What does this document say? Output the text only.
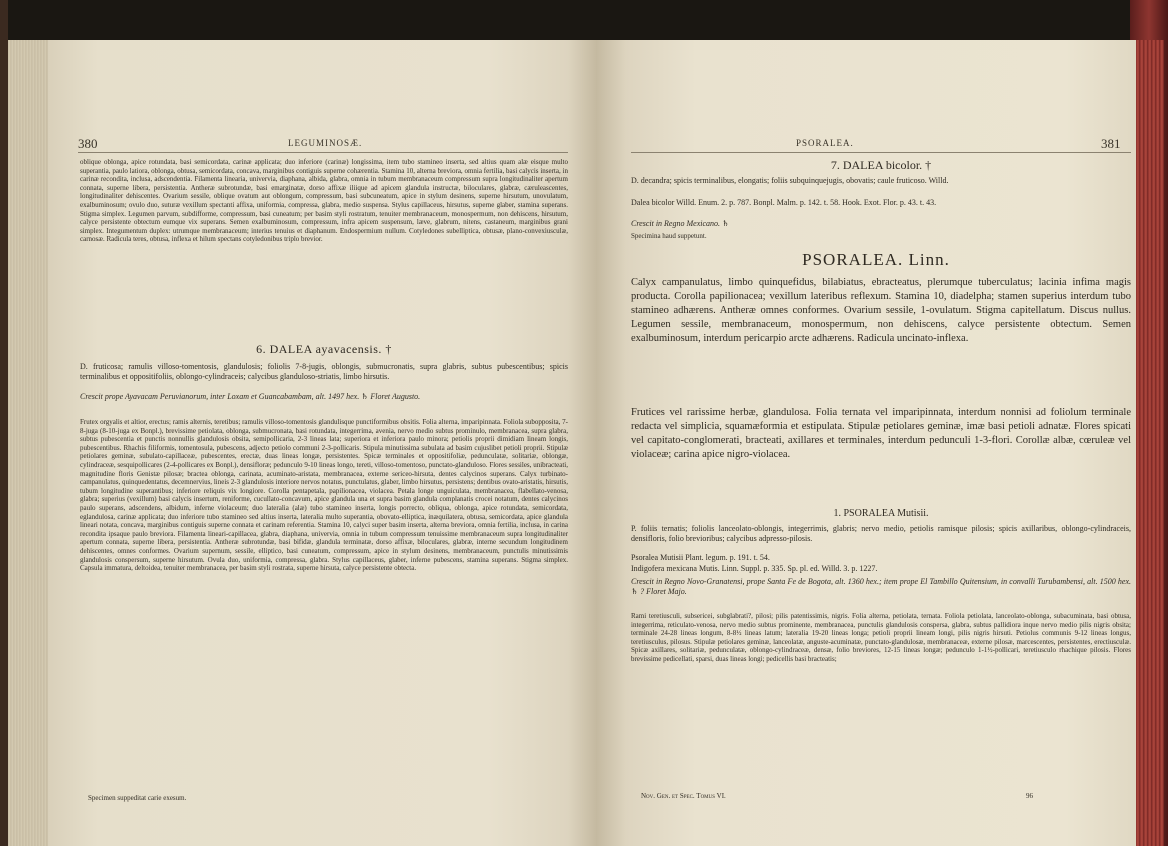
380	LEGUMINOSÆ.
oblique oblonga, apice rotundata, basi semicordata, carinæ applicata; duo inferiore (carinæ) longissima, item tubo stamineo inserta, sed altius quam alæ eisque multo superantia, paulo latiora, oblonga, obtusa, semicordata, concava, marginibus contiguis superne cohærentia. Stamina 10, alterna breviora, omnia fertilia, basi calycis inserta, in carinæ recondita, inclusa, adscendentia. Filamenta linearia, univervia, diaphana, albida, glabra, omnia in tubum membranaceum compressum supra longitudinaliter apertum connata, superne libera, persistentia. Antheræ subrotundæ, basi emarginatæ, dorso affixæ iliique ad apicem glandula instructæ, biloculares, glabræ, cæruleascentes, longitudinaliter dehiscentes. Ovarium sessile, oblique ovatum aut oblongum, compressum, basi subcuneatum, apice in stylum desinens, superne hirsutum, unovulatum, exalbuminosum; ovulo duo, suturæ vexillum spectanti affixa, uniformia, compressa, glabra, medio suspensa. Stylus capillaceus, hirsutus, superne glaber, stamina superans. Stigma simplex. Legumen parvum, subdifforme, compressum, basi cuneatum; per basim styli rostratum, tenuiter membranaceum, monospermum, non dehiscens, hirsutum, calyce persistente obtectum eumque vix superans. Semen exalbuminosum, compressum, infra apicem suspensum, læve, glabrum, nitens, castaneum, marginibus grani simplex. Integumentum duplex: utrumque membranaceum; interius tenuius et diaphanum. Endospermium nullum. Cotyledones subelliptica, obtusæ, plano-convexiusculæ, carnosæ. Radicula teres, obtusa, inflexa et hilum spectans cotyledonibus triplo brevior.
6. DALEA ayavacensis. †
D. fruticosa; ramulis villoso-tomentosis, glandulosis; foliolis 7-8-jugis, oblongis, submucronatis, supra glabris, subtus pubescentibus; spicis terminalibus et oppositifoliis, oblongo-cylindraceis; calycibus glanduloso-striatis, limbo hirsutis.
Crescit prope Ayavacam Peruvianorum, inter Loxam et Guancabambam, alt. 1497 hex. ♄ Floret Augusto.
Frutex orgyalis et altior, erectus; ramis alternis, teretibus; ramulis villoso-tomentosis glandulisque punctiformibus obsitis. Folia alterna, imparipinnata. Foliola subopposita, 7-8-juga (8-10-juga ex Bonpl.), brevissime petiolata, oblonga, submucronata, basi rotundata, integerrima, avenia, nervo medio subtus prominulo, membranacea, supra glabra, subtus pubescentia et punctis nonnullis glandulosis obsita, semipollicaria, 2-3 lineas lata; superiora et inferiora paulo minora; petiolis proprii dimidiam lineam longis, pubescentibus. Rhachis filiformis, tomentosula, pubescens, adjecto petiolo communi 2-3-pollicaris. Stipula minutissima subulata ad basim cujuslibet petioli proprii. Stipulæ petiolares geminæ, subulato-capillaceæ, pubescentes, erectæ, duas lineas longæ, persistentes. Spicæ terminales et oppositifoliæ, pedunculatæ, solitariæ, oblongæ, cylindraceæ, sesquipollicares (2-4-pollicares ex Bonpl.), densifloræ; pedunculo 9-10 lineas longo, tereti, villoso-tomentoso, punctato-glanduloso. Flores sessiles, unibracteati, magnitudine floris Genistæ pilosæ; bractea oblonga, carinata, acuminato-aristata, membranacea, externe sericeo-hirsuta, dentes calycinos superans. Calyx turbinato-campanulatus, quinquedentatus, decemnervius, lineis 2-3 glandulosis interiore nervos notatus, punctulatus, glaber, limbo hirsutus, persistens; dentibus ovato-aristatis, hirsutis, tubum longitudine superantibus; inferiore reliquis vix longiore. Corolla pentapetala, papilionacea, violacea. Petala longe unguiculata, membranacea, flabellato-venosa, glabra; superius (vexillum) basi calycis insertum, reniforme, cucullato-concavum, apice glandula una et supra basim glandula complanatis crocei notatum, dentes calycinos paulo superans, adscendens, albidum, inferne violaceum; duo lateralia (alæ) tubo stamineo inserta, longis porrecto, obliqua, oblonga, apice rotundata, semicordata, eglandulosa, carinæ applicata; duo inferiore tubo stamineo sed altius inserta, lateralia multo superantia, obovato-elliptica, inæquilatera, obtusa, semicordata, apice glandula lineari notata, concava, marginibus contiguis superne connata et carinam referentia. Stamina 10, calyci super basim inserta, alterna breviora, omnia fertilia, inclusa, in carina recondita ipsaque paulo breviora. Filamenta lineari-capillacea, glabra, diaphana, univervia, omnia in tubum compressum tenuissime membranaceum supra longitudinaliter apertum connata, superne libera, persistentia. Antheræ subrotundæ, basi bifidæ, glandula terminatæ, dorso affixæ, biloculares, glabræ, interne secundum longitudinem dehiscentes, omnes conformes. Ovarium supernum, sessile, elliptico, basi cuneatum, compressum, apice in stylum desinens, membranaceum, punctulis minutissimis glandulosis conspersum, superne hirsutum. Ovula duo, uniformia, compressa, glabra. Stylus capillaceus, glaber, inferne pubescens, stamina superans. Stigma simplex. Capsula immatura, deltoidea, tenuiter membranacea, per basim styli rostrata, superne hirsuta, calyce persistente obtecta.
Specimen suppeditat carie exesum.
PSORALEA.	381
7. DALEA bicolor. †
D. decandra; spicis terminalibus, elongatis; foliis subquinquejugis, obovatis; caule fruticoso. Willd.
Dalea bicolor Willd. Enum. 2. p. 787. Bonpl. Malm. p. 142. t. 58. Hook. Exot. Flor. p. 43. t. 43.
Crescit in Regno Mexicano. ♄
Specimina haud suppetunt.
PSORALEA. Linn.
Calyx campanulatus, limbo quinquefidus, bilabiatus, ebracteatus, plerumque tuberculatus; lacinia infima magis producta. Corolla papilionacea; vexillum lateribus reflexum. Stamina 10, diadelpha; stamen superius interdum tubo stamineo adhærens. Antheræ omnes conformes. Ovarium sessile, 1-ovulatum. Stigma capitellatum. Discus nullus. Legumen sessile, membranaceum, monospermum, non dehiscens, calyce persistente obtectum. Semen exalbuminosum, interdum pericarpio arcte adhærens. Radicula uncinato-inflexa.
Frutices vel rarissime herbæ, glandulosa. Folia ternata vel imparipinnata, interdum nonnisi ad foliolum terminale redacta vel simplicia, squamæformia et estipulata. Stipulæ petiolares geminæ, imæ basi petioli adnatæ. Flores spicati vel capitato-conglomerati, bracteati, axillares et terminales, interdum pedunculi 1-3-flori. Corollæ albæ, cœruleæ vel violaceæ; carina apice nigro-violacea.
1. PSORALEA Mutisii.
P. foliis ternatis; foliolis lanceolato-oblongis, integerrimis, glabris; nervo medio, petiolis ramisque pilosis; spicis axillaribus, oblongo-cylindraceis, densifloris, folio brevioribus; calycibus adpresso-pilosis.
Psoralea Mutisii Plant. legum. p. 191. t. 54.
Indigofera mexicana Mutis. Linn. Suppl. p. 335. Sp. pl. ed. Willd. 3. p. 1227.
Crescit in Regno Novo-Granatensi, prope Santa Fe de Bogota, alt. 1360 hex.; item prope El Tambillo Quitensium, in convalli Turubambensi, alt. 1500 hex. ♄ ? Floret Majo.
Rami teretiusculi, subsericei, subglabrati?, pilosi; pilis patentissimis, nigris. Folia alterna, petiolata, ternata. Foliola petiolata, lanceolato-oblonga, subacuminata, basi obtusa, integerrima, reticulato-venosa, nervo medio subtus prominente, membranacea, punctulis glandulosis conspersa, glabra, subtus pallidiora inque nervo medio pilis nigris obsita; terminale 24-28 lineas longum, 8-8½ lineas latum; lateralia 19-20 lineas longa; petioli proprii lineam longi, pilis nigris hirsuti. Petiolus communis 9-12 lineas longus, teretiusculus, pilosus. Stipulæ petiolares geminæ, lanceolatæ, anguste-acuminatæ, punctato-glandulosæ, membranaceæ, externe pilosæ, marcescentes, persistentes, erectiusculæ. Spicæ axillares, solitariæ, pedunculatæ, oblongo-cylindraceæ, densæ, folio breviores, 12-15 lineas longæ; pedunculo 1-1½-pollicari, teretiusculo rhachique pilosis. Flores brevissime pedicellati, sparsi, duas lineas longi; pedicellis basi bracteatis;
Nov. Gen. et Spec. Tomus VI.	96
